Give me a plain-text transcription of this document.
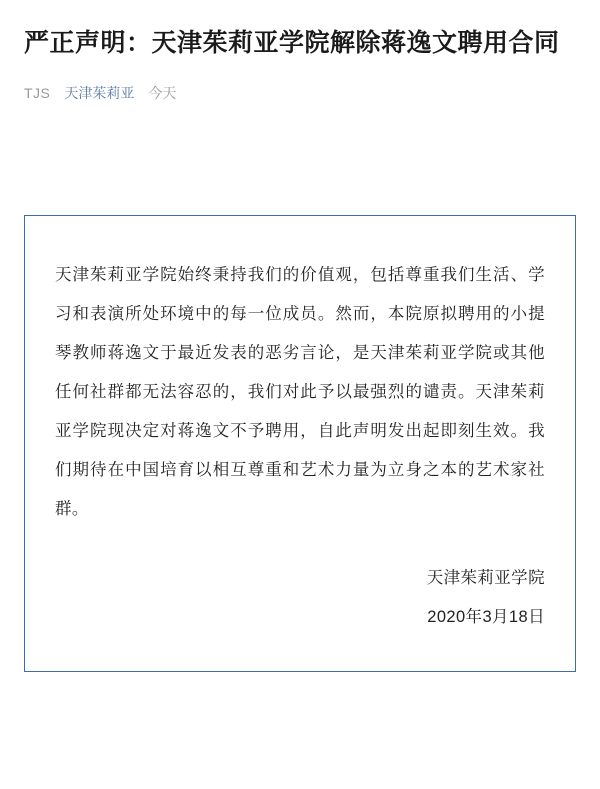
严正声明：天津茱莉亚学院解除蒋逸文聘用合同
TJS 天津茱莉亚 今天

天津茱莉亚学院始终秉持我们的价值观，包括尊重我们生活、学习和表演所处环境中的每一位成员。然而，本院原拟聘用的小提琴教师蒋逸文于最近发表的恶劣言论，是天津茱莉亚学院或其他任何社群都无法容忍的，我们对此予以最强烈的谴责。天津茱莉亚学院现决定对蒋逸文不予聘用，自此声明发出起即刻生效。我们期待在中国培育以相互尊重和艺术力量为立身之本的艺术家社群。

天津茱莉亚学院
2020年3月18日
